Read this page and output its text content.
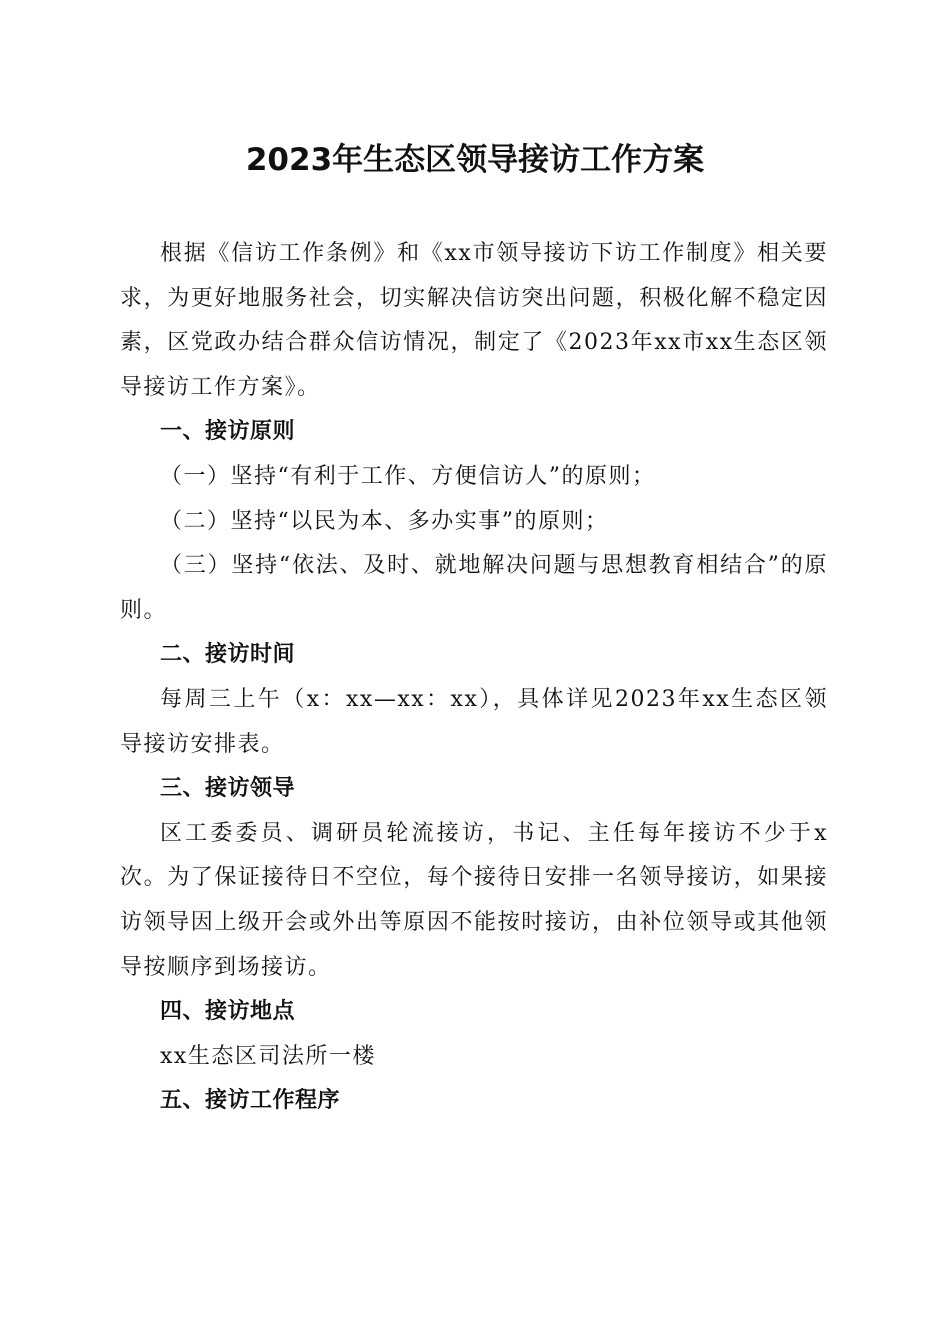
2023年生态区领导接访工作方案

根据《信访工作条例》和《xx市领导接访下访工作制度》相关要求，为更好地服务社会，切实解决信访突出问题，积极化解不稳定因素，区党政办结合群众信访情况，制定了《2023年xx市xx生态区领导接访工作方案》。

一、接访原则

（一）坚持“有利于工作、方便信访人”的原则；

（二）坚持“以民为本、多办实事”的原则；

（三）坚持“依法、及时、就地解决问题与思想教育相结合”的原则。

二、接访时间

每周三上午（x：xx—xx：xx），具体详见2023年xx生态区领导接访安排表。

三、接访领导

区工委委员、调研员轮流接访，书记、主任每年接访不少于x次。为了保证接待日不空位，每个接待日安排一名领导接访，如果接访领导因上级开会或外出等原因不能按时接访，由补位领导或其他领导按顺序到场接访。

四、接访地点

xx生态区司法所一楼

五、接访工作程序
